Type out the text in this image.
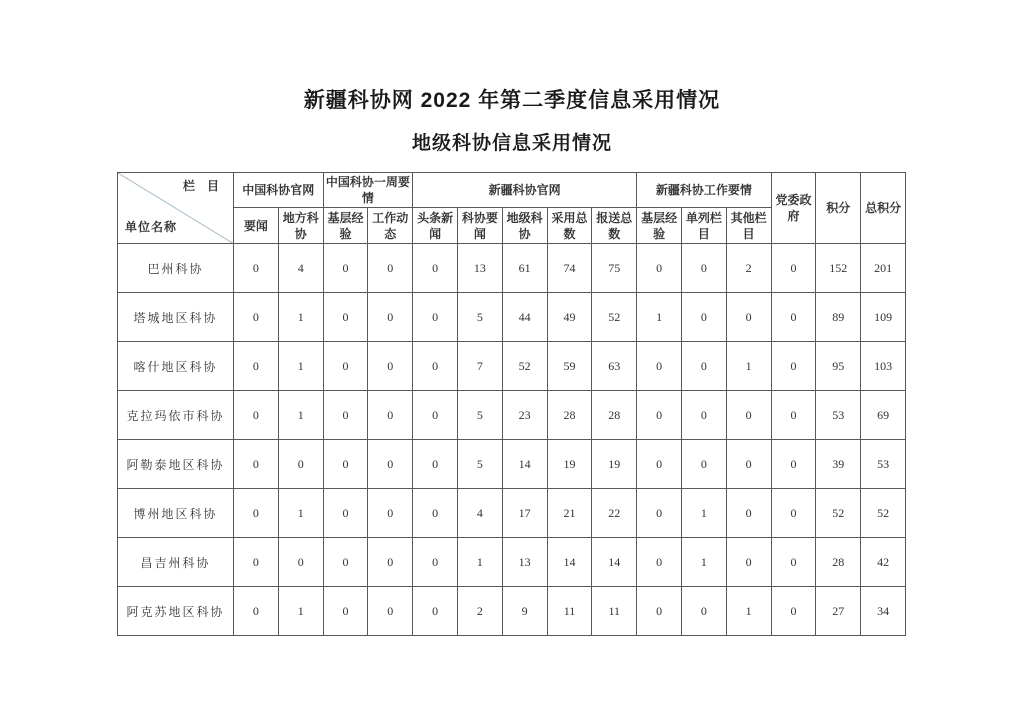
新疆科协网 2022 年第二季度信息采用情况
地级科协信息采用情况
栏　目
单位名称	中国科协官网		中国科协一周要情		新疆科协官网					新疆科协工作要情			党委政府	积分	总积分
	要闻	地方科协	基层经验	工作动态	头条新闻	科协要闻	地级科协	采用总数	报送总数	基层经验	单列栏目	其他栏目			
巴州科协	0	4	0	0	0	13	61	74	75	0	0	2	0	152	201
塔城地区科协	0	1	0	0	0	5	44	49	52	1	0	0	0	89	109
喀什地区科协	0	1	0	0	0	7	52	59	63	0	0	1	0	95	103
克拉玛依市科协	0	1	0	0	0	5	23	28	28	0	0	0	0	53	69
阿勒泰地区科协	0	0	0	0	0	5	14	19	19	0	0	0	0	39	53
博州地区科协	0	1	0	0	0	4	17	21	22	0	1	0	0	52	52
昌吉州科协	0	0	0	0	0	1	13	14	14	0	1	0	0	28	42
阿克苏地区科协	0	1	0	0	0	2	9	11	11	0	0	1	0	27	34
